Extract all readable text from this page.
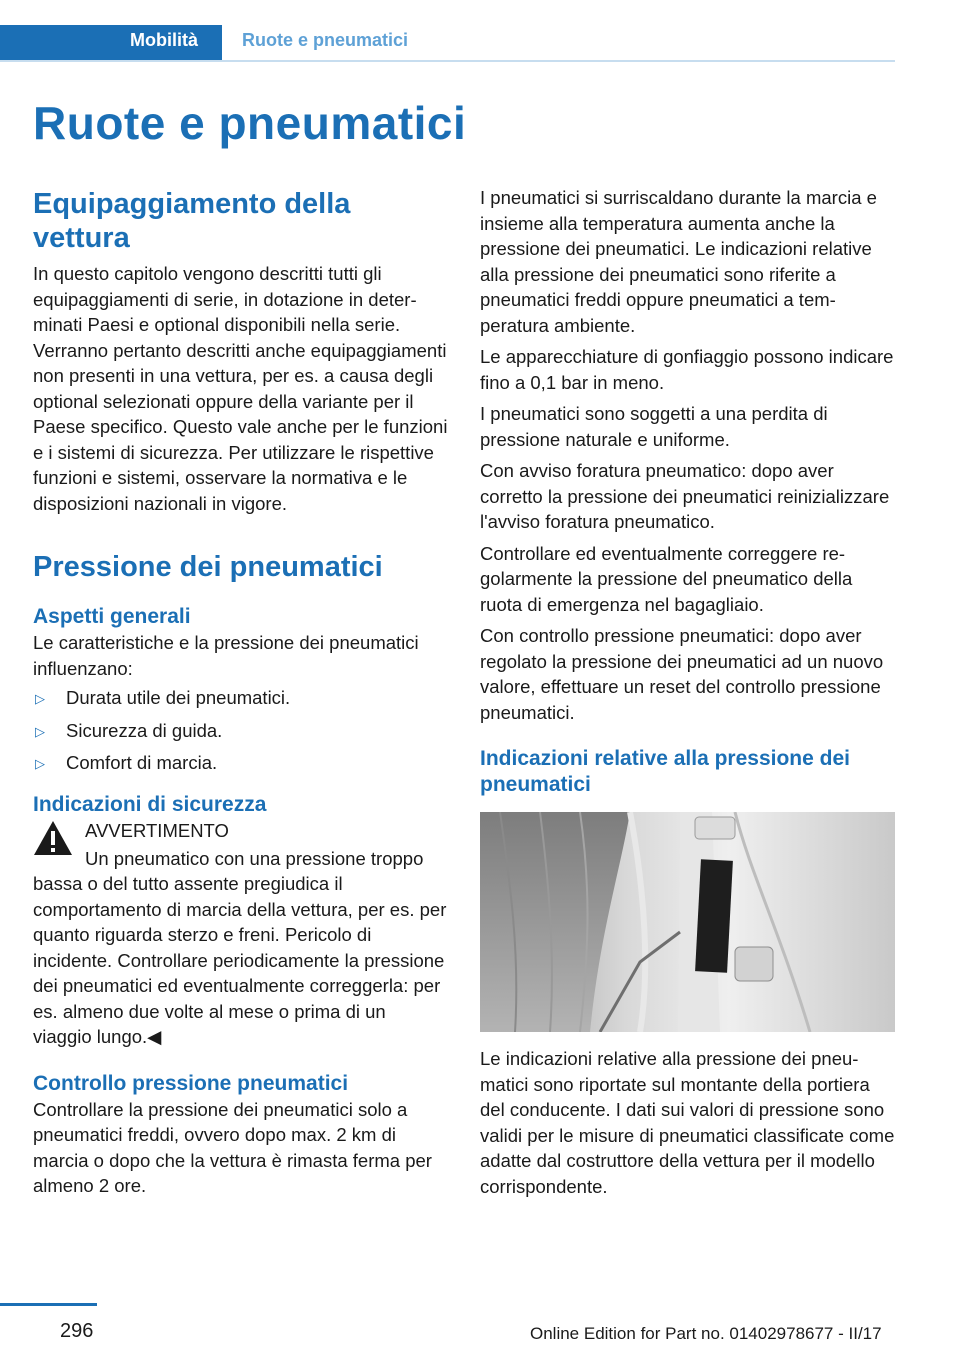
Mobilità Ruote e pneumatici
Ruote e pneumatici
Equipaggiamento della vettura

In questo capitolo vengono descritti tutti gli equipaggiamenti di serie, in dotazione in determinati Paesi e optional disponibili nella serie. Verranno pertanto descritti anche equipaggiamenti non presenti in una vettura, per es. a causa degli optional selezionati oppure della variante per il Paese specifico. Questo vale anche per le funzioni e i sistemi di sicurezza. Per utilizzare le rispettive funzioni e sistemi, osservare la normativa e le disposizioni nazionali in vigore.

Pressione dei pneumatici
Aspetti generali

Le caratteristiche e la pressione dei pneumatici influenzano:

▷ Durata utile dei pneumatici.
▷ Sicurezza di guida.
▷ Comfort di marcia.
Indicazioni di sicurezza

AVVERTIMENTO

Un pneumatico con una pressione troppo bassa o del tutto assente pregiudica il comportamento di marcia della vettura, per es. per quanto riguarda sterzo e freni. Pericolo di incidente. Controllare periodicamente la pressione dei pneumatici ed eventualmente correggerla: per es. almeno due volte al mese o prima di un viaggio lungo.◀

Controllo pressione pneumatici

Controllare la pressione dei pneumatici solo a pneumatici freddi, ovvero dopo max. 2 km di marcia o dopo che la vettura è rimasta ferma per almeno 2 ore.

I pneumatici si surriscaldano durante la marcia e insieme alla temperatura aumenta anche la pressione dei pneumatici. Le indicazioni relative alla pressione dei pneumatici sono riferite a pneumatici freddi oppure pneumatici a temperatura ambiente.

Le apparecchiature di gonfiaggio possono indicare fino a 0,1 bar in meno.

I pneumatici sono soggetti a una perdita di pressione naturale e uniforme.

Con avviso foratura pneumatico: dopo aver corretto la pressione dei pneumatici reinizializzare l'avviso foratura pneumatico.

Controllare ed eventualmente correggere regolarmente la pressione del pneumatico della ruota di emergenza nel bagagliaio.

Con controllo pressione pneumatici: dopo aver regolato la pressione dei pneumatici ad un nuovo valore, effettuare un reset del controllo pressione pneumatici.

Indicazioni relative alla pressione dei pneumatici

Le indicazioni relative alla pressione dei pneumatici sono riportate sul montante della portiera del conducente. I dati sui valori di pressione sono validi per le misure di pneumatici classificate come adatte dal costruttore della vettura per il modello corrispondente.

296	Online Edition for Part no. 01402978677 - II/17
